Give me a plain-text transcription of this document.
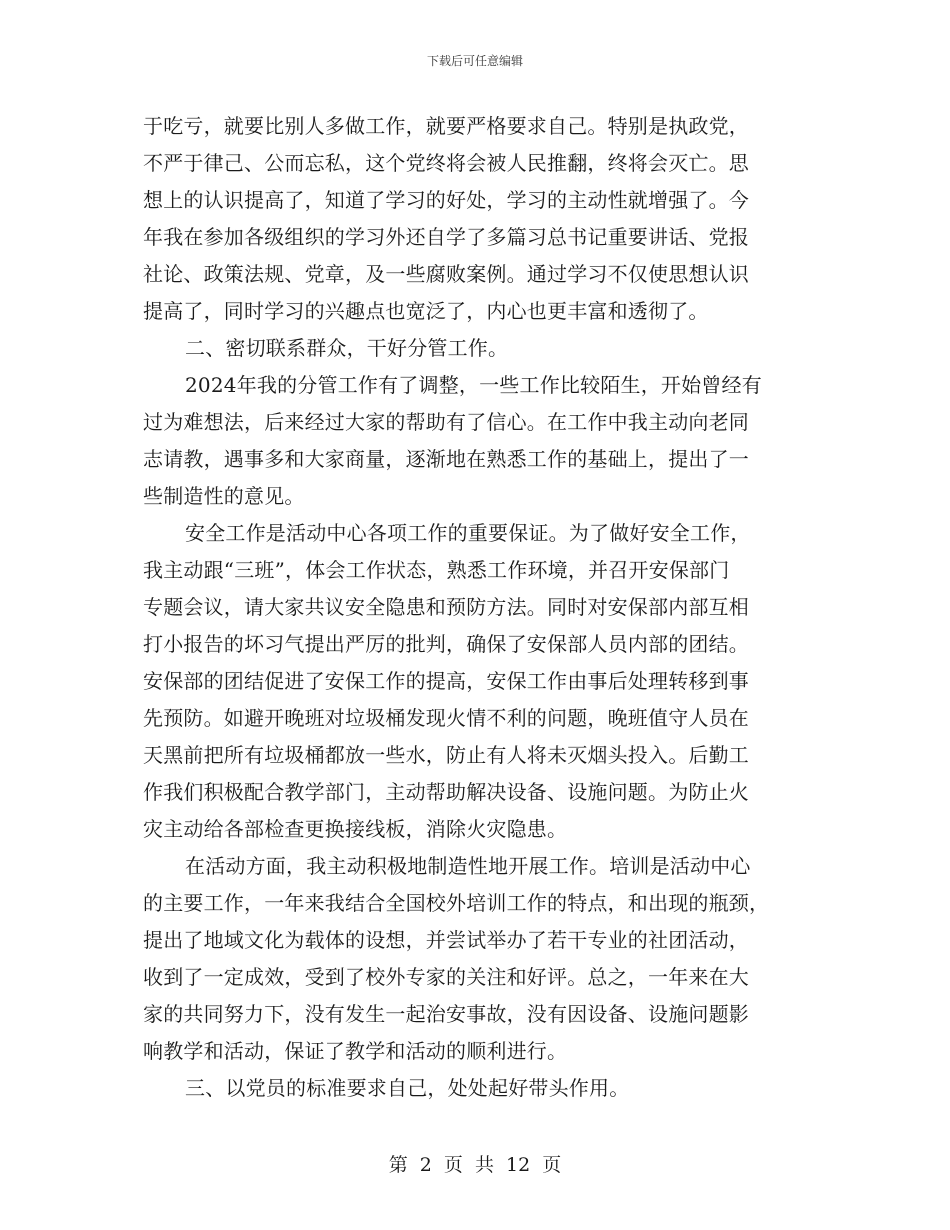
下载后可任意编辑
于吃亏，就要比别人多做工作，就要严格要求自己。特别是执政党，
不严于律己、公而忘私，这个党终将会被人民推翻，终将会灭亡。思
想上的认识提高了，知道了学习的好处，学习的主动性就增强了。今
年我在参加各级组织的学习外还自学了多篇习总书记重要讲话、党报
社论、政策法规、党章，及一些腐败案例。通过学习不仅使思想认识
提高了，同时学习的兴趣点也宽泛了，内心也更丰富和透彻了。
二、密切联系群众，干好分管工作。
2024年我的分管工作有了调整，一些工作比较陌生，开始曾经有
过为难想法，后来经过大家的帮助有了信心。在工作中我主动向老同
志请教，遇事多和大家商量，逐渐地在熟悉工作的基础上，提出了一
些制造性的意见。
安全工作是活动中心各项工作的重要保证。为了做好安全工作，
我主动跟“三班”，体会工作状态，熟悉工作环境，并召开安保部门
专题会议，请大家共议安全隐患和预防方法。同时对安保部内部互相
打小报告的坏习气提出严厉的批判，确保了安保部人员内部的团结。
安保部的团结促进了安保工作的提高，安保工作由事后处理转移到事
先预防。如避开晚班对垃圾桶发现火情不利的问题，晚班值守人员在
天黑前把所有垃圾桶都放一些水，防止有人将未灭烟头投入。后勤工
作我们积极配合教学部门，主动帮助解决设备、设施问题。为防止火
灾主动给各部检查更换接线板，消除火灾隐患。
在活动方面，我主动积极地制造性地开展工作。培训是活动中心
的主要工作，一年来我结合全国校外培训工作的特点，和出现的瓶颈，
提出了地域文化为载体的设想，并尝试举办了若干专业的社团活动，
收到了一定成效，受到了校外专家的关注和好评。总之，一年来在大
家的共同努力下，没有发生一起治安事故，没有因设备、设施问题影
响教学和活动，保证了教学和活动的顺利进行。
三、以党员的标准要求自己，处处起好带头作用。
第 2 页 共 12 页
